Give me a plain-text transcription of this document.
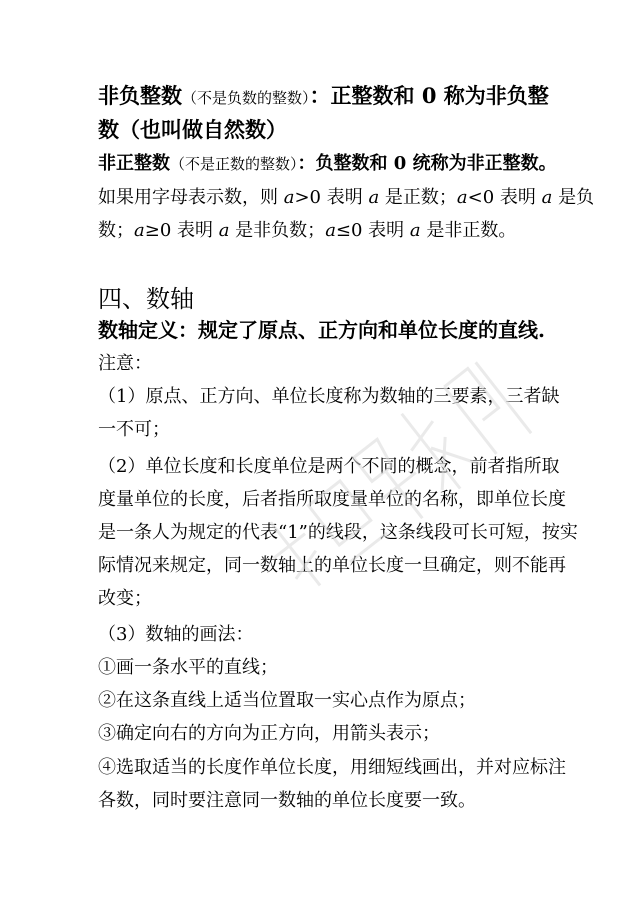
非负整数（不是负数的整数）：正整数和 0 称为非负整
数（也叫做自然数）
非正整数（不是正数的整数）：负整数和 0 统称为非正整数。
如果用字母表示数，则 a>0 表明 a 是正数；a<0 表明 a 是负
数；a≥0 表明 a 是非负数；a≤0 表明 a 是非正数。
四、数轴
数轴定义：规定了原点、正方向和单位长度的直线.
注意：
（1）原点、正方向、单位长度称为数轴的三要素，三者缺
一不可；
（2）单位长度和长度单位是两个不同的概念，前者指所取
度量单位的长度，后者指所取度量单位的名称，即单位长度
是一条人为规定的代表“1”的线段，这条线段可长可短，按实
际情况来规定，同一数轴上的单位长度一旦确定，则不能再
改变；
（3）数轴的画法：
①画一条水平的直线；
②在这条直线上适当位置取一实心点作为原点；
③确定向右的方向为正方向，用箭头表示；
④选取适当的长度作单位长度，用细短线画出，并对应标注
各数，同时要注意同一数轴的单位长度要一致。
